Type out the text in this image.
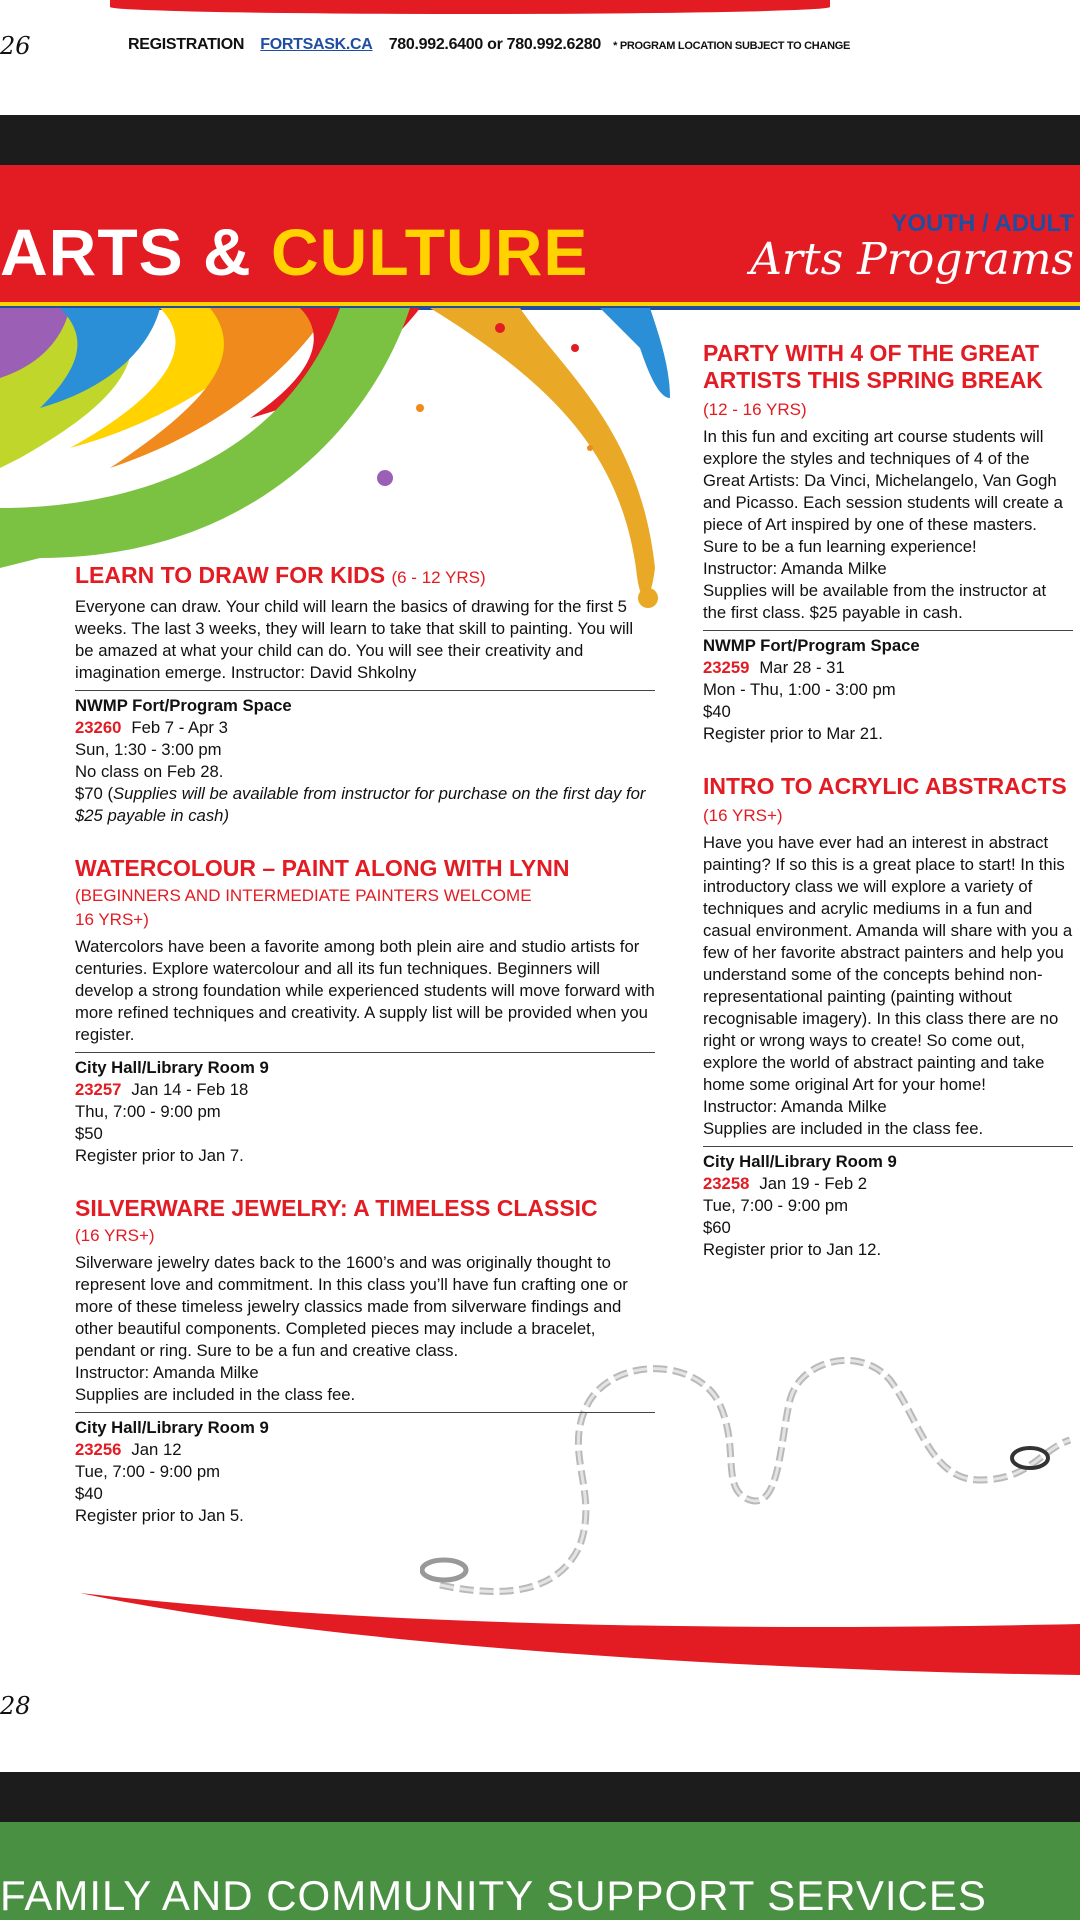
26	REGISTRATION FORTSASK.CA 780.992.6400 or 780.992.6280 * PROGRAM LOCATION SUBJECT TO CHANGE
ARTS & CULTURE	YOUTH / ADULT
Arts Programs
LEARN TO DRAW FOR KIDS (6 - 12 YRS)
Everyone can draw. Your child will learn the basics of drawing for the first 5 weeks. The last 3 weeks, they will learn to take that skill to painting. You will be amazed at what your child can do. You will see their creativity and imagination emerge. Instructor: David Shkolny
NWMP Fort/Program Space
23260 Feb 7 - Apr 3
Sun, 1:30 - 3:00 pm
No class on Feb 28.
$70 (Supplies will be available from instructor for purchase on the first day for $25 payable in cash)
WATERCOLOUR – PAINT ALONG WITH LYNN
(BEGINNERS AND INTERMEDIATE PAINTERS WELCOME
16 YRS+)
Watercolors have been a favorite among both plein aire and studio artists for centuries. Explore watercolour and all its fun techniques. Beginners will develop a strong foundation while experienced students will move forward with more refined techniques and creativity. A supply list will be provided when you register.
City Hall/Library Room 9
23257 Jan 14 - Feb 18
Thu, 7:00 - 9:00 pm
$50
Register prior to Jan 7.
SILVERWARE JEWELRY: A TIMELESS CLASSIC
(16 YRS+)
Silverware jewelry dates back to the 1600’s and was originally thought to represent love and commitment. In this class you’ll have fun crafting one or more of these timeless jewelry classics made from silverware findings and other beautiful components. Completed pieces may include a bracelet, pendant or ring. Sure to be a fun and creative class.
Instructor: Amanda Milke
Supplies are included in the class fee.
City Hall/Library Room 9
23256 Jan 12
Tue, 7:00 - 9:00 pm
$40
Register prior to Jan 5.
PARTY WITH 4 OF THE GREAT ARTISTS THIS SPRING BREAK
(12 - 16 YRS)
In this fun and exciting art course students will explore the styles and techniques of 4 of the Great Artists: Da Vinci, Michelangelo, Van Gogh and Picasso. Each session students will create a piece of Art inspired by one of these masters. Sure to be a fun learning experience!
Instructor: Amanda Milke
Supplies will be available from the instructor at the first class. $25 payable in cash.
NWMP Fort/Program Space
23259 Mar 28 - 31
Mon - Thu, 1:00 - 3:00 pm
$40
Register prior to Mar 21.
INTRO TO ACRYLIC ABSTRACTS
(16 YRS+)
Have you have ever had an interest in abstract painting? If so this is a great place to start! In this introductory class we will explore a variety of techniques and acrylic mediums in a fun and casual environment. Amanda will share with you a few of her favorite abstract painters and help you understand some of the concepts behind non-representational painting (painting without recognisable imagery). In this class there are no right or wrong ways to create! So come out, explore the world of abstract painting and take home some original Art for your home!
Instructor: Amanda Milke
Supplies are included in the class fee.
City Hall/Library Room 9
23258 Jan 19 - Feb 2
Tue, 7:00 - 9:00 pm
$60
Register prior to Jan 12.
28
FAMILY AND COMMUNITY SUPPORT SERVICES
